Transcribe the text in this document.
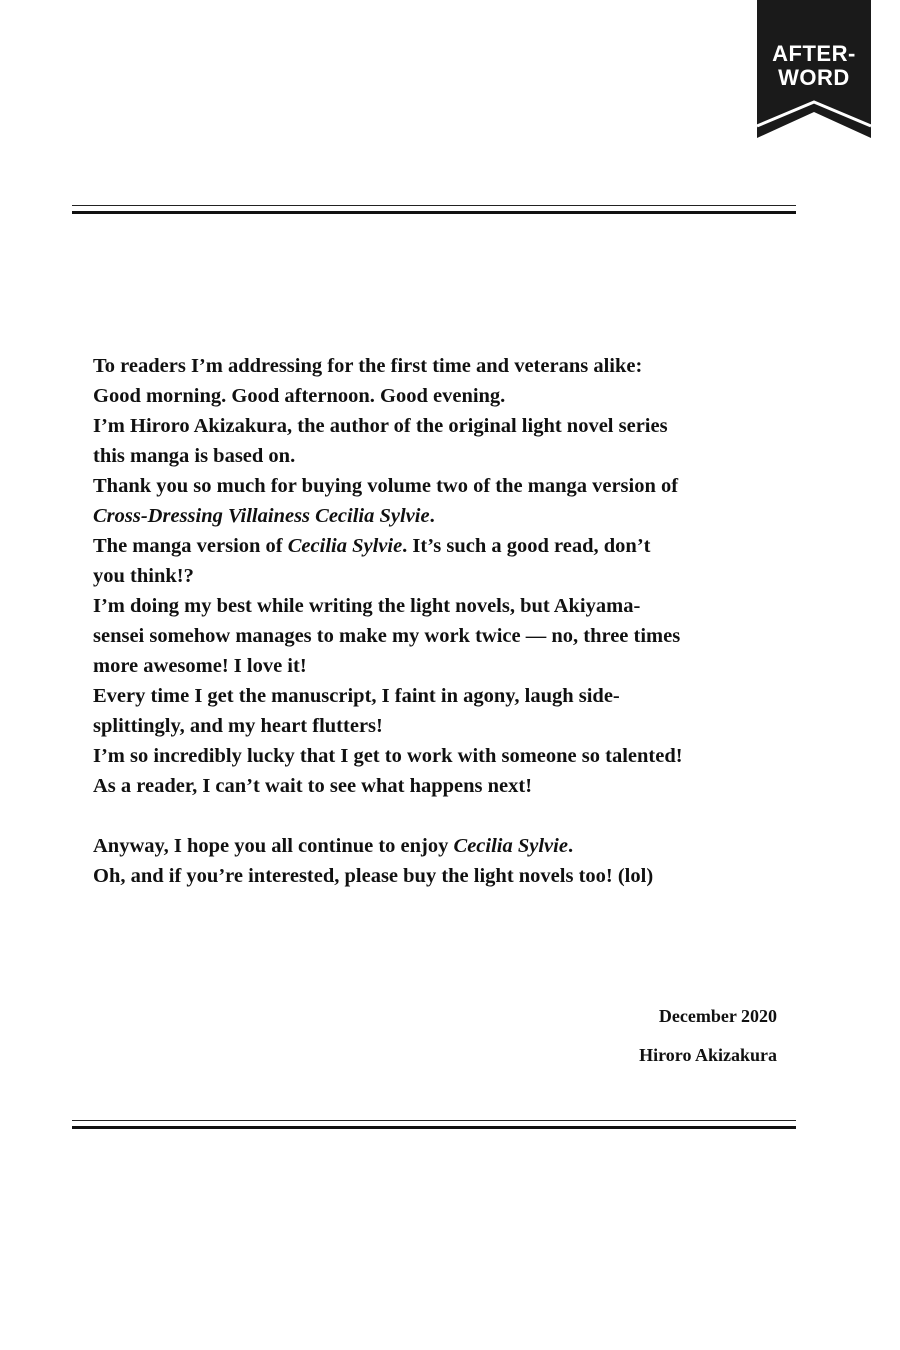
AFTER-
WORD
To readers I’m addressing for the first time and veterans alike:
Good morning. Good afternoon. Good evening.
I’m Hiroro Akizakura, the author of the original light novel series
this manga is based on.
Thank you so much for buying volume two of the manga version of
Cross-Dressing Villainess Cecilia Sylvie.
The manga version of Cecilia Sylvie. It’s such a good read, don’t
you think!?
I’m doing my best while writing the light novels, but Akiyama-
sensei somehow manages to make my work twice — no, three times
more awesome! I love it!
Every time I get the manuscript, I faint in agony, laugh side-
splittingly, and my heart flutters!
I’m so incredibly lucky that I get to work with someone so talented!
As a reader, I can’t wait to see what happens next!
Anyway, I hope you all continue to enjoy Cecilia Sylvie.
Oh, and if you’re interested, please buy the light novels too! (lol)
December 2020
Hiroro Akizakura
